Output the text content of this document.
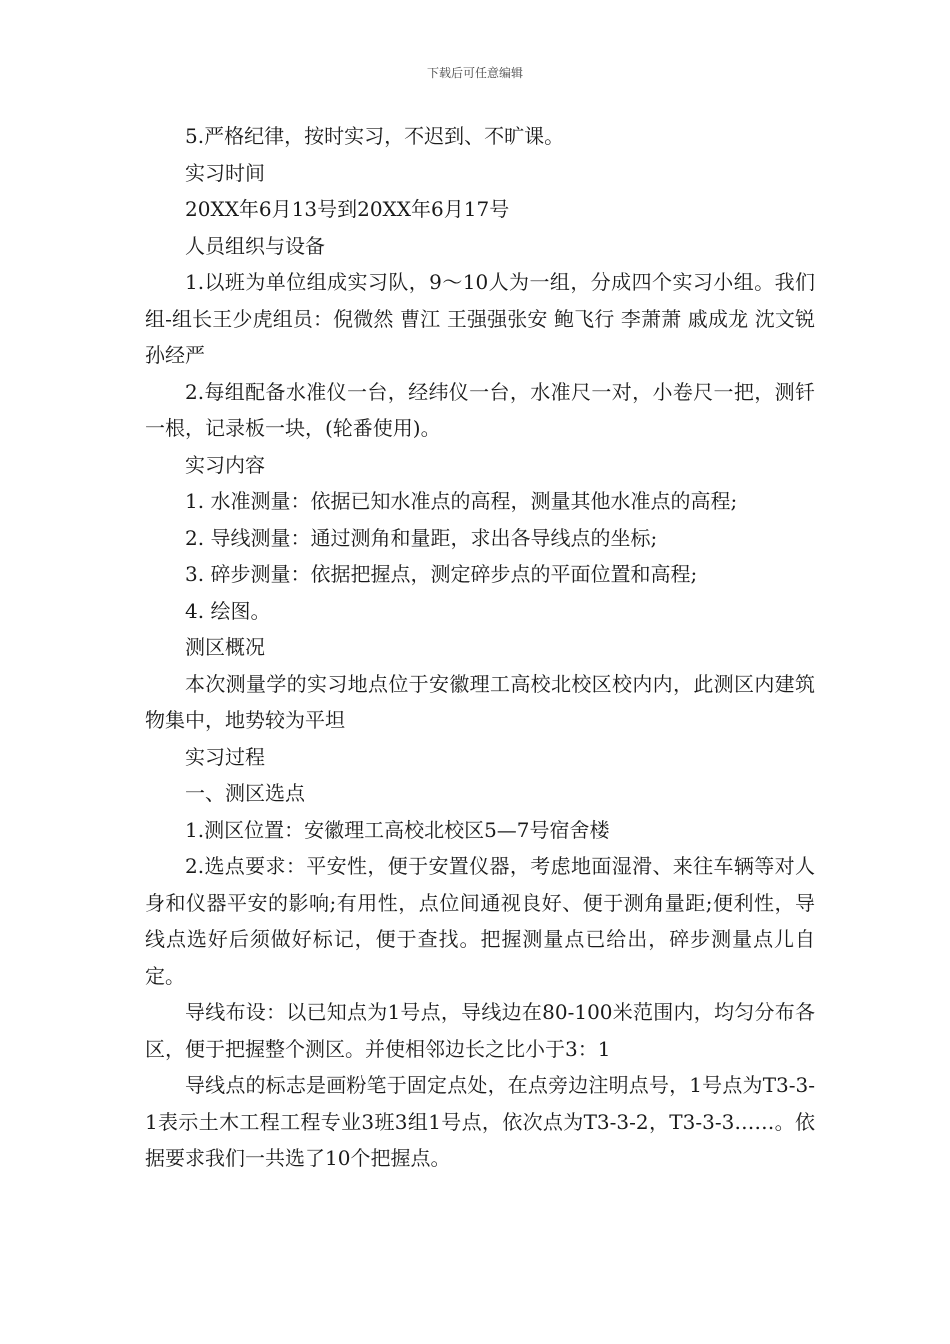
下载后可任意编辑

5.严格纪律，按时实习，不迟到、不旷课。

实习时间

20XX年6月13号到20XX年6月17号

人员组织与设备

1.以班为单位组成实习队，9～10人为一组，分成四个实习小组。我们组-组长王少虎组员：倪微然 曹江 王强强张安 鲍飞行 李萧萧 戚成龙 沈文锐 孙经严

2.每组配备水准仪一台，经纬仪一台，水准尺一对，小卷尺一把，测钎一根，记录板一块，(轮番使用)。

实习内容

1. 水准测量：依据已知水准点的高程，测量其他水准点的高程;

2. 导线测量：通过测角和量距，求出各导线点的坐标;

3. 碎步测量：依据把握点，测定碎步点的平面位置和高程;

4. 绘图。

测区概况

本次测量学的实习地点位于安徽理工高校北校区校内内，此测区内建筑物集中，地势较为平坦

实习过程

一、测区选点

1.测区位置：安徽理工高校北校区5—7号宿舍楼

2.选点要求：平安性，便于安置仪器，考虑地面湿滑、来往车辆等对人身和仪器平安的影响;有用性，点位间通视良好、便于测角量距;便利性，导线点选好后须做好标记，便于查找。把握测量点已给出，碎步测量点儿自定。

导线布设：以已知点为1号点，导线边在80-100米范围内，均匀分布各区，便于把握整个测区。并使相邻边长之比小于3：1

导线点的标志是画粉笔于固定点处，在点旁边注明点号，1号点为T3-3-1表示土木工程工程专业3班3组1号点，依次点为T3-3-2，T3-3-3……。依据要求我们一共选了10个把握点。
